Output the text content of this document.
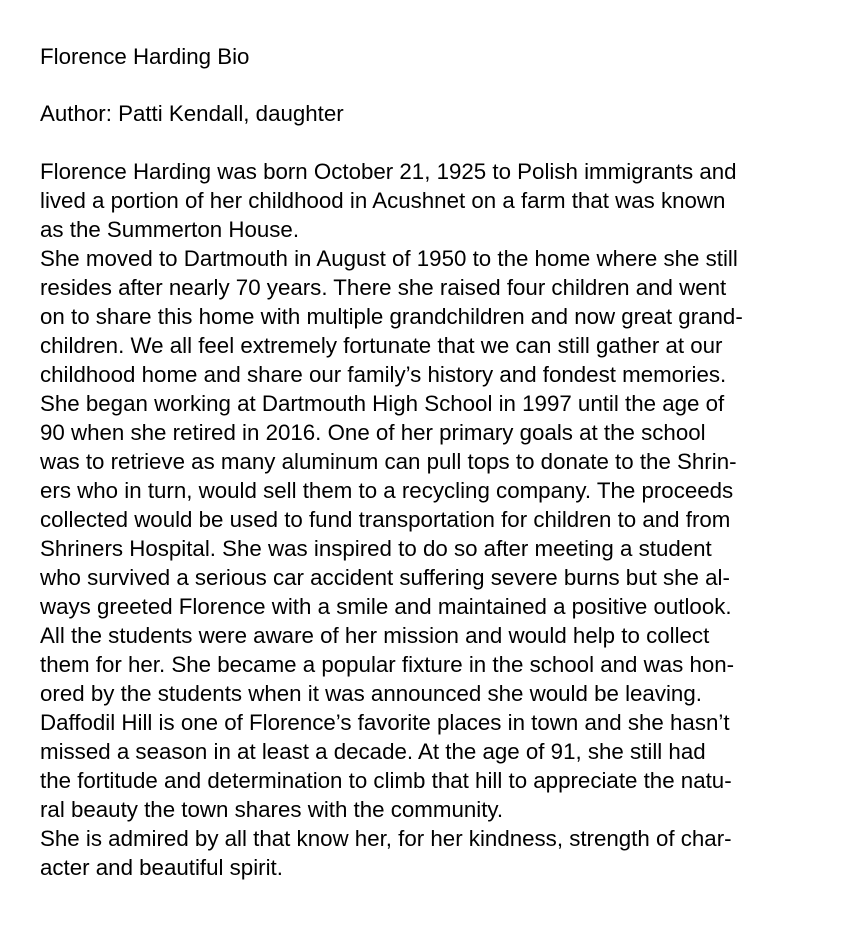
Florence Harding Bio
Author: Patti Kendall, daughter
Florence Harding was born October 21, 1925 to Polish immigrants and
lived a portion of her childhood in Acushnet on a farm that was known
as the Summerton House.
She moved to Dartmouth in August of 1950 to the home where she still
resides after nearly 70 years. There she raised four children and went
on to share this home with multiple grandchildren and now great grand-
children. We all feel extremely fortunate that we can still gather at our
childhood home and share our family’s history and fondest memories.
She began working at Dartmouth High School in 1997 until the age of
90 when she retired in 2016. One of her primary goals at the school
was to retrieve as many aluminum can pull tops to donate to the Shrin-
ers who in turn, would sell them to a recycling company. The proceeds
collected would be used to fund transportation for children to and from
Shriners Hospital. She was inspired to do so after meeting a student
who survived a serious car accident suffering severe burns but she al-
ways greeted Florence with a smile and maintained a positive outlook.
All the students were aware of her mission and would help to collect
them for her. She became a popular fixture in the school and was hon-
ored by the students when it was announced she would be leaving.
Daffodil Hill is one of Florence’s favorite places in town and she hasn’t
missed a season in at least a decade. At the age of 91, she still had
the fortitude and determination to climb that hill to appreciate the natu-
ral beauty the town shares with the community.
She is admired by all that know her, for her kindness, strength of char-
acter and beautiful spirit.
